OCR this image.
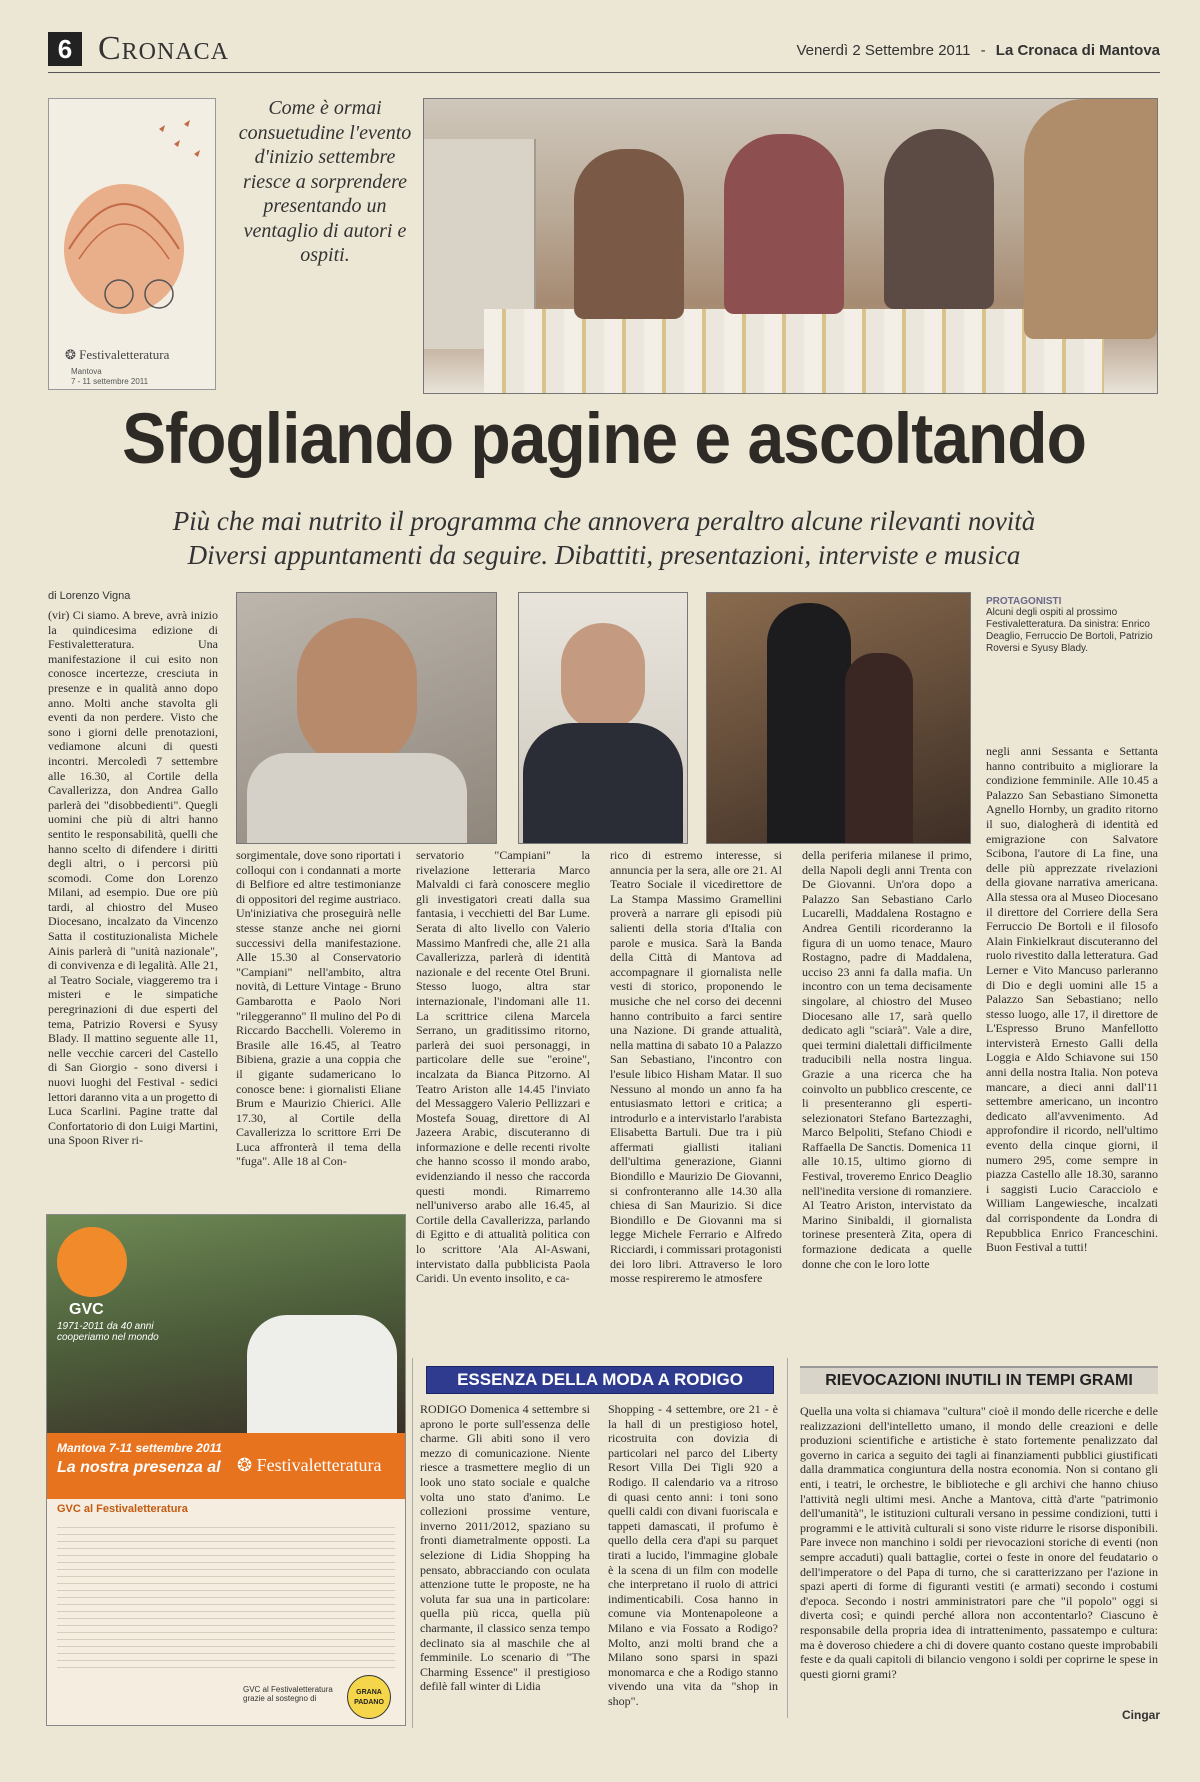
6 Cronaca	Venerdì 2 Settembre 2011 - La Cronaca di Mantova
❂ Festivaletteratura
Mantova
7 - 11 settembre 2011
Come è ormai consuetudine l'evento d'inizio settembre riesce a sorprendere presentando un ventaglio di autori e ospiti.
Sfogliando pagine e ascoltando
Più che mai nutrito il programma che annovera peraltro alcune rilevanti novità
Diversi appuntamenti da seguire. Dibattiti, presentazioni, interviste e musica
di Lorenzo Vigna	PROTAGONISTI
Alcuni degli ospiti al prossimo Festivaletteratura. Da sinistra: Enrico Deaglio, Ferruccio De Bortoli, Patrizio Roversi e Syusy Blady.
(vir) Ci siamo. A breve, avrà inizio la quindicesima edizione di Festivaletteratura. Una manifestazione il cui esito non conosce incertezze, cresciuta in presenze e in qualità anno dopo anno. Molti anche stavolta gli eventi da non perdere. Visto che sono i giorni delle prenotazioni, vediamone alcuni di questi incontri. Mercoledì 7 settembre alle 16.30, al Cortile della Cavallerizza, don Andrea Gallo parlerà dei "disobbedienti". Quegli uomini che più di altri hanno sentito le responsabilità, quelli che hanno scelto di difendere i diritti degli altri, o i percorsi più scomodi. Come don Lorenzo Milani, ad esempio. Due ore più tardi, al chiostro del Museo Diocesano, incalzato da Vincenzo Satta il costituzionalista Michele Ainis parlerà di "unità nazionale", di convivenza e di legalità. Alle 21, al Teatro Sociale, viaggeremo tra i misteri e le simpatiche peregrinazioni di due esperti del tema, Patrizio Roversi e Syusy Blady. Il mattino seguente alle 11, nelle vecchie carceri del Castello di San Giorgio - sono diversi i nuovi luoghi del Festival - sedici lettori daranno vita a un progetto di Luca Scarlini. Pagine tratte dal Confortatorio di don Luigi Martini, una Spoon River ri-
sorgimentale, dove sono riportati i colloqui con i condannati a morte di Belfiore ed altre testimonianze di oppositori del regime austriaco. Un'iniziativa che proseguirà nelle stesse stanze anche nei giorni successivi della manifestazione. Alle 15.30 al Conservatorio "Campiani" nell'ambito, altra novità, di Letture Vintage - Bruno Gambarotta e Paolo Nori "rileggeranno" Il mulino del Po di Riccardo Bacchelli. Voleremo in Brasile alle 16.45, al Teatro Bibiena, grazie a una coppia che il gigante sudamericano lo conosce bene: i giornalisti Eliane Brum e Maurizio Chierici. Alle 17.30, al Cortile della Cavallerizza lo scrittore Erri De Luca affronterà il tema della "fuga". Alle 18 al Con-
servatorio "Campiani" la rivelazione letteraria Marco Malvaldi ci farà conoscere meglio gli investigatori creati dalla sua fantasia, i vecchietti del Bar Lume. Serata di alto livello con Valerio Massimo Manfredi che, alle 21 alla Cavallerizza, parlerà di identità nazionale e del recente Otel Bruni. Stesso luogo, altra star internazionale, l'indomani alle 11. La scrittrice cilena Marcela Serrano, un graditissimo ritorno, parlerà dei suoi personaggi, in particolare delle sue "eroine", incalzata da Bianca Pitzorno. Al Teatro Ariston alle 14.45 l'inviato del Messaggero Valerio Pellizzari e Mostefa Souag, direttore di Al Jazeera Arabic, discuteranno di informazione e delle recenti rivolte che hanno scosso il mondo arabo, evidenziando il nesso che raccorda questi mondi. Rimarremo nell'universo arabo alle 16.45, al Cortile della Cavallerizza, parlando di Egitto e di attualità politica con lo scrittore 'Ala Al-Aswani, intervistato dalla pubblicista Paola Caridi. Un evento insolito, e ca-
rico di estremo interesse, si annuncia per la sera, alle ore 21. Al Teatro Sociale il vicedirettore de La Stampa Massimo Gramellini proverà a narrare gli episodi più salienti della storia d'Italia con parole e musica. Sarà la Banda della Città di Mantova ad accompagnare il giornalista nelle vesti di storico, proponendo le musiche che nel corso dei decenni hanno contribuito a farci sentire una Nazione. Di grande attualità, nella mattina di sabato 10 a Palazzo San Sebastiano, l'incontro con l'esule libico Hisham Matar. Il suo Nessuno al mondo un anno fa ha entusiasmato lettori e critica; a introdurlo e a intervistarlo l'arabista Elisabetta Bartuli. Due tra i più affermati giallisti italiani dell'ultima generazione, Gianni Biondillo e Maurizio De Giovanni, si confronteranno alle 14.30 alla chiesa di San Maurizio. Si dice Biondillo e De Giovanni ma si legge Michele Ferrario e Alfredo Ricciardi, i commissari protagonisti dei loro libri. Attraverso le loro mosse respireremo le atmosfere
della periferia milanese il primo, della Napoli degli anni Trenta con De Giovanni. Un'ora dopo a Palazzo San Sebastiano Carlo Lucarelli, Maddalena Rostagno e Andrea Gentili ricorderanno la figura di un uomo tenace, Mauro Rostagno, padre di Maddalena, ucciso 23 anni fa dalla mafia. Un incontro con un tema decisamente singolare, al chiostro del Museo Diocesano alle 17, sarà quello dedicato agli "sciarà". Vale a dire, quei termini dialettali difficilmente traducibili nella nostra lingua. Grazie a una ricerca che ha coinvolto un pubblico crescente, ce li presenteranno gli esperti-selezionatori Stefano Bartezzaghi, Marco Belpoliti, Stefano Chiodi e Raffaella De Sanctis. Domenica 11 alle 10.15, ultimo giorno di Festival, troveremo Enrico Deaglio nell'inedita versione di romanziere. Al Teatro Ariston, intervistato da Marino Sinibaldi, il giornalista torinese presenterà Zita, opera di formazione dedicata a quelle donne che con le loro lotte
negli anni Sessanta e Settanta hanno contribuito a migliorare la condizione femminile. Alle 10.45 a Palazzo San Sebastiano Simonetta Agnello Hornby, un gradito ritorno il suo, dialogherà di identità ed emigrazione con Salvatore Scibona, l'autore di La fine, una delle più apprezzate rivelazioni della giovane narrativa americana. Alla stessa ora al Museo Diocesano il direttore del Corriere della Sera Ferruccio De Bortoli e il filosofo Alain Finkielkraut discuteranno del ruolo rivestito dalla letteratura. Gad Lerner e Vito Mancuso parleranno di Dio e degli uomini alle 15 a Palazzo San Sebastiano; nello stesso luogo, alle 17, il direttore de L'Espresso Bruno Manfellotto intervisterà Ernesto Galli della Loggia e Aldo Schiavone sui 150 anni della nostra Italia. Non poteva mancare, a dieci anni dall'11 settembre americano, un incontro dedicato all'avvenimento. Ad approfondire il ricordo, nell'ultimo evento della cinque giorni, il numero 295, come sempre in piazza Castello alle 18.30, saranno i saggisti Lucio Caracciolo e William Langewiesche, incalzati dal corrispondente da Londra di Repubblica Enrico Franceschini. Buon Festival a tutti!
GVC
1971-2011 da 40 anni cooperiamo nel mondo
Mantova 7-11 settembre 2011
La nostra presenza al ❂ Festivaletteratura
GVC al Festivaletteratura
GVC al Festivaletteratura grazie al sostegno di
GRANA PADANO
ESSENZA DELLA MODA A RODIGO
RODIGO Domenica 4 settembre si aprono le porte sull'essenza delle charme. Gli abiti sono il vero mezzo di comunicazione. Niente riesce a trasmettere meglio di un look uno stato sociale e qualche volta uno stato d'animo. Le collezioni prossime venture, inverno 2011/2012, spaziano su fronti diametralmente opposti. La selezione di Lidia Shopping ha pensato, abbracciando con oculata attenzione tutte le proposte, ne ha voluta far sua una in particolare: quella più ricca, quella più charmante, il classico senza tempo declinato sia al maschile che al femminile. Lo scenario di "The Charming Essence" il prestigioso defilè fall winter di Lidia
Shopping - 4 settembre, ore 21 - è la hall di un prestigioso hotel, ricostruita con dovizia di particolari nel parco del Liberty Resort Villa Dei Tigli 920 a Rodigo. Il calendario va a ritroso di quasi cento anni: i toni sono quelli caldi con divani fuoriscala e tappeti damascati, il profumo è quello della cera d'api su parquet tirati a lucido, l'immagine globale è la scena di un film con modelle che interpretano il ruolo di attrici indimenticabili. Cosa hanno in comune via Montenapoleone a Milano e via Fossato a Rodigo? Molto, anzi molti brand che a Milano sono sparsi in spazi monomarca e che a Rodigo stanno vivendo una vita da "shop in shop".
RIEVOCAZIONI INUTILI IN TEMPI GRAMI
Quella una volta si chiamava "cultura" cioè il mondo delle ricerche e delle realizzazioni dell'intelletto umano, il mondo delle creazioni e delle produzioni scientifiche e artistiche è stato fortemente penalizzato dal governo in carica a seguito dei tagli ai finanziamenti pubblici giustificati dalla drammatica congiuntura della nostra economia. Non si contano gli enti, i teatri, le orchestre, le biblioteche e gli archivi che hanno chiuso l'attività negli ultimi mesi. Anche a Mantova, città d'arte "patrimonio dell'umanità", le istituzioni culturali versano in pessime condizioni, tutti i programmi e le attività culturali si sono viste ridurre le risorse disponibili. Pare invece non manchino i soldi per rievocazioni storiche di eventi (non sempre accaduti) quali battaglie, cortei o feste in onore del feudatario o dell'imperatore o del Papa di turno, che si caratterizzano per l'azione in spazi aperti di forme di figuranti vestiti (e armati) secondo i costumi d'epoca. Secondo i nostri amministratori pare che "il popolo" oggi si diverta così; e quindi perché allora non accontentarlo? Ciascuno è responsabile della propria idea di intrattenimento, passatempo e cultura: ma è doveroso chiedere a chi di dovere quanto costano queste improbabili feste e da quali capitoli di bilancio vengono i soldi per coprirne le spese in questi giorni grami?
Cingar
